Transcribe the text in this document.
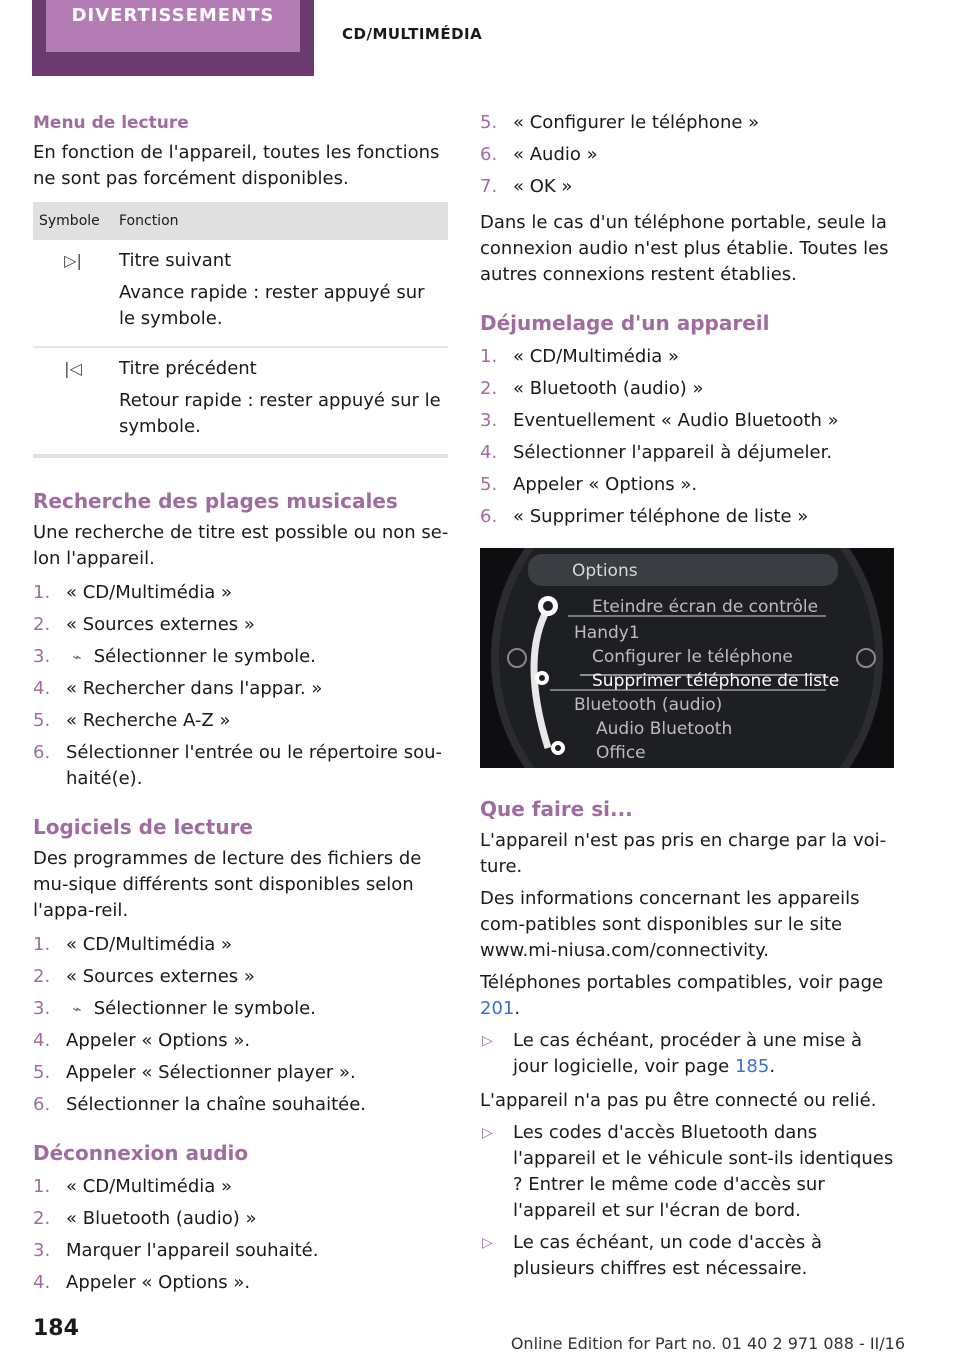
DIVERTISSEMENTS
CD/MULTIMÉDIA
Menu de lecture

En fonction de l'appareil, toutes les fonctions ne sont pas forcément disponibles.

Symbole	Fonction
▷|	Titre suivant

Avance rapide : rester appuyé sur le symbole.

|◁	Titre précédent

Retour rapide : rester appuyé sur le symbole.

Recherche des plages musicales

Une recherche de titre est possible ou non se-lon l'appareil.

1. « CD/Multimédia »
2. « Sources externes »
3. ⌁ Sélectionner le symbole.
4. « Rechercher dans l'appar. »
5. « Recherche A-Z »
6. Sélectionner l'entrée ou le répertoire sou-haité(e).
Logiciels de lecture

Des programmes de lecture des fichiers de mu-sique différents sont disponibles selon l'appa-reil.

1. « CD/Multimédia »
2. « Sources externes »
3. ⌁ Sélectionner le symbole.
4. Appeler « Options ».
5. Appeler « Sélectionner player ».
6. Sélectionner la chaîne souhaitée.
Déconnexion audio
1. « CD/Multimédia »
2. « Bluetooth (audio) »
3. Marquer l'appareil souhaité.
4. Appeler « Options ».
5. « Configurer le téléphone »
6. « Audio »
7. « OK »

Dans le cas d'un téléphone portable, seule la connexion audio n'est plus établie. Toutes les autres connexions restent établies.

Déjumelage d'un appareil
1. « CD/Multimédia »
2. « Bluetooth (audio) »
3. Eventuellement « Audio Bluetooth »
4. Sélectionner l'appareil à déjumeler.
5. Appeler « Options ».
6. « Supprimer téléphone de liste »
Options
Eteindre écran de contrôle
Handy1
Configurer le téléphone
Supprimer téléphone de liste
Bluetooth (audio)
Audio Bluetooth
Office
Que faire si...

L'appareil n'est pas pris en charge par la voi-ture.

Des informations concernant les appareils com-patibles sont disponibles sur le site www.mi-niusa.com/connectivity.

Téléphones portables compatibles, voir page 201.

▷ Le cas échéant, procéder à une mise à jour logicielle, voir page 185.

L'appareil n'a pas pu être connecté ou relié.

▷ Les codes d'accès Bluetooth dans l'appareil et le véhicule sont-ils identiques ? Entrer le même code d'accès sur l'appareil et sur l'écran de bord.
▷ Le cas échéant, un code d'accès à plusieurs chiffres est nécessaire.
184
Online Edition for Part no. 01 40 2 971 088 - II/16
